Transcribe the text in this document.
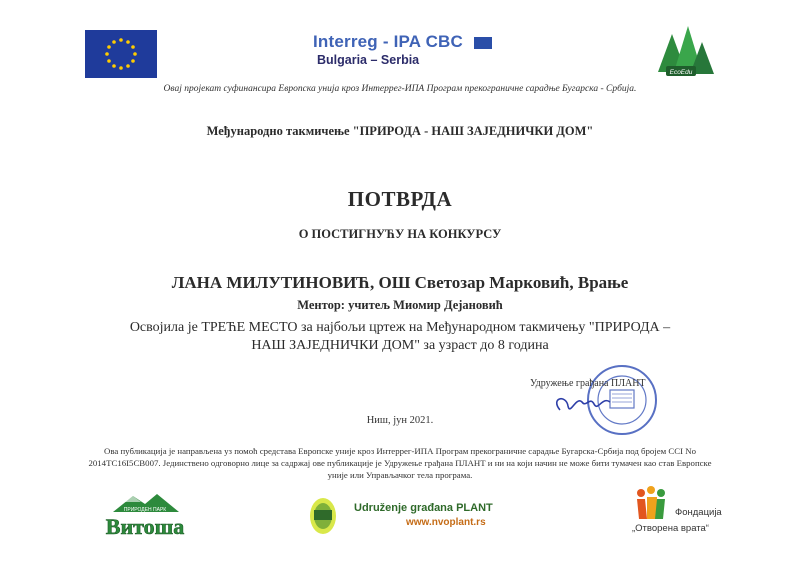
Interreg - IPA CBC
Bulgaria – Serbia
EcoEdu
Овај пројекат суфинансира Европска унија кроз Интеррег-ИПА Програм прекограничне сарадње Бугарска - Србија.
Међународно такмичење "ПРИРОДА - НАШ ЗАЈЕДНИЧКИ ДОМ"
ПОТВРДА
О ПОСТИГНУЋУ НА КОНКУРСУ
ЛАНА МИЛУТИНОВИЋ, ОШ Светозар Марковић, Врање
Ментор: учитељ Миомир Дејановић
Освојила је ТРЕЋЕ МЕСТО за најбољи цртеж на Међународном такмичењу "ПРИРОДА – НАШ ЗАЈЕДНИЧКИ ДОМ" за узраст до 8 година
Удружење грађана ПЛАНТ
Ниш, јун 2021.
Ова публикација је направљена уз помоћ средстава Европске уније кроз Интеррег-ИПА Програм прекограничне сарадње Бугарска-Србија под бројем CCI No 2014TC16I5CB007. Јединствено одговорно лице за садржај ове публикације је Удружење грађана ПЛАНТ и ни на који начин не може бити тумачен као став Европске уније или Управљачког тела програма.
ПРИРОДЕН ПАРК
Витоша
Udruženje građana PLANT
www.nvoplant.rs
Фондација
„Отворена врата“
